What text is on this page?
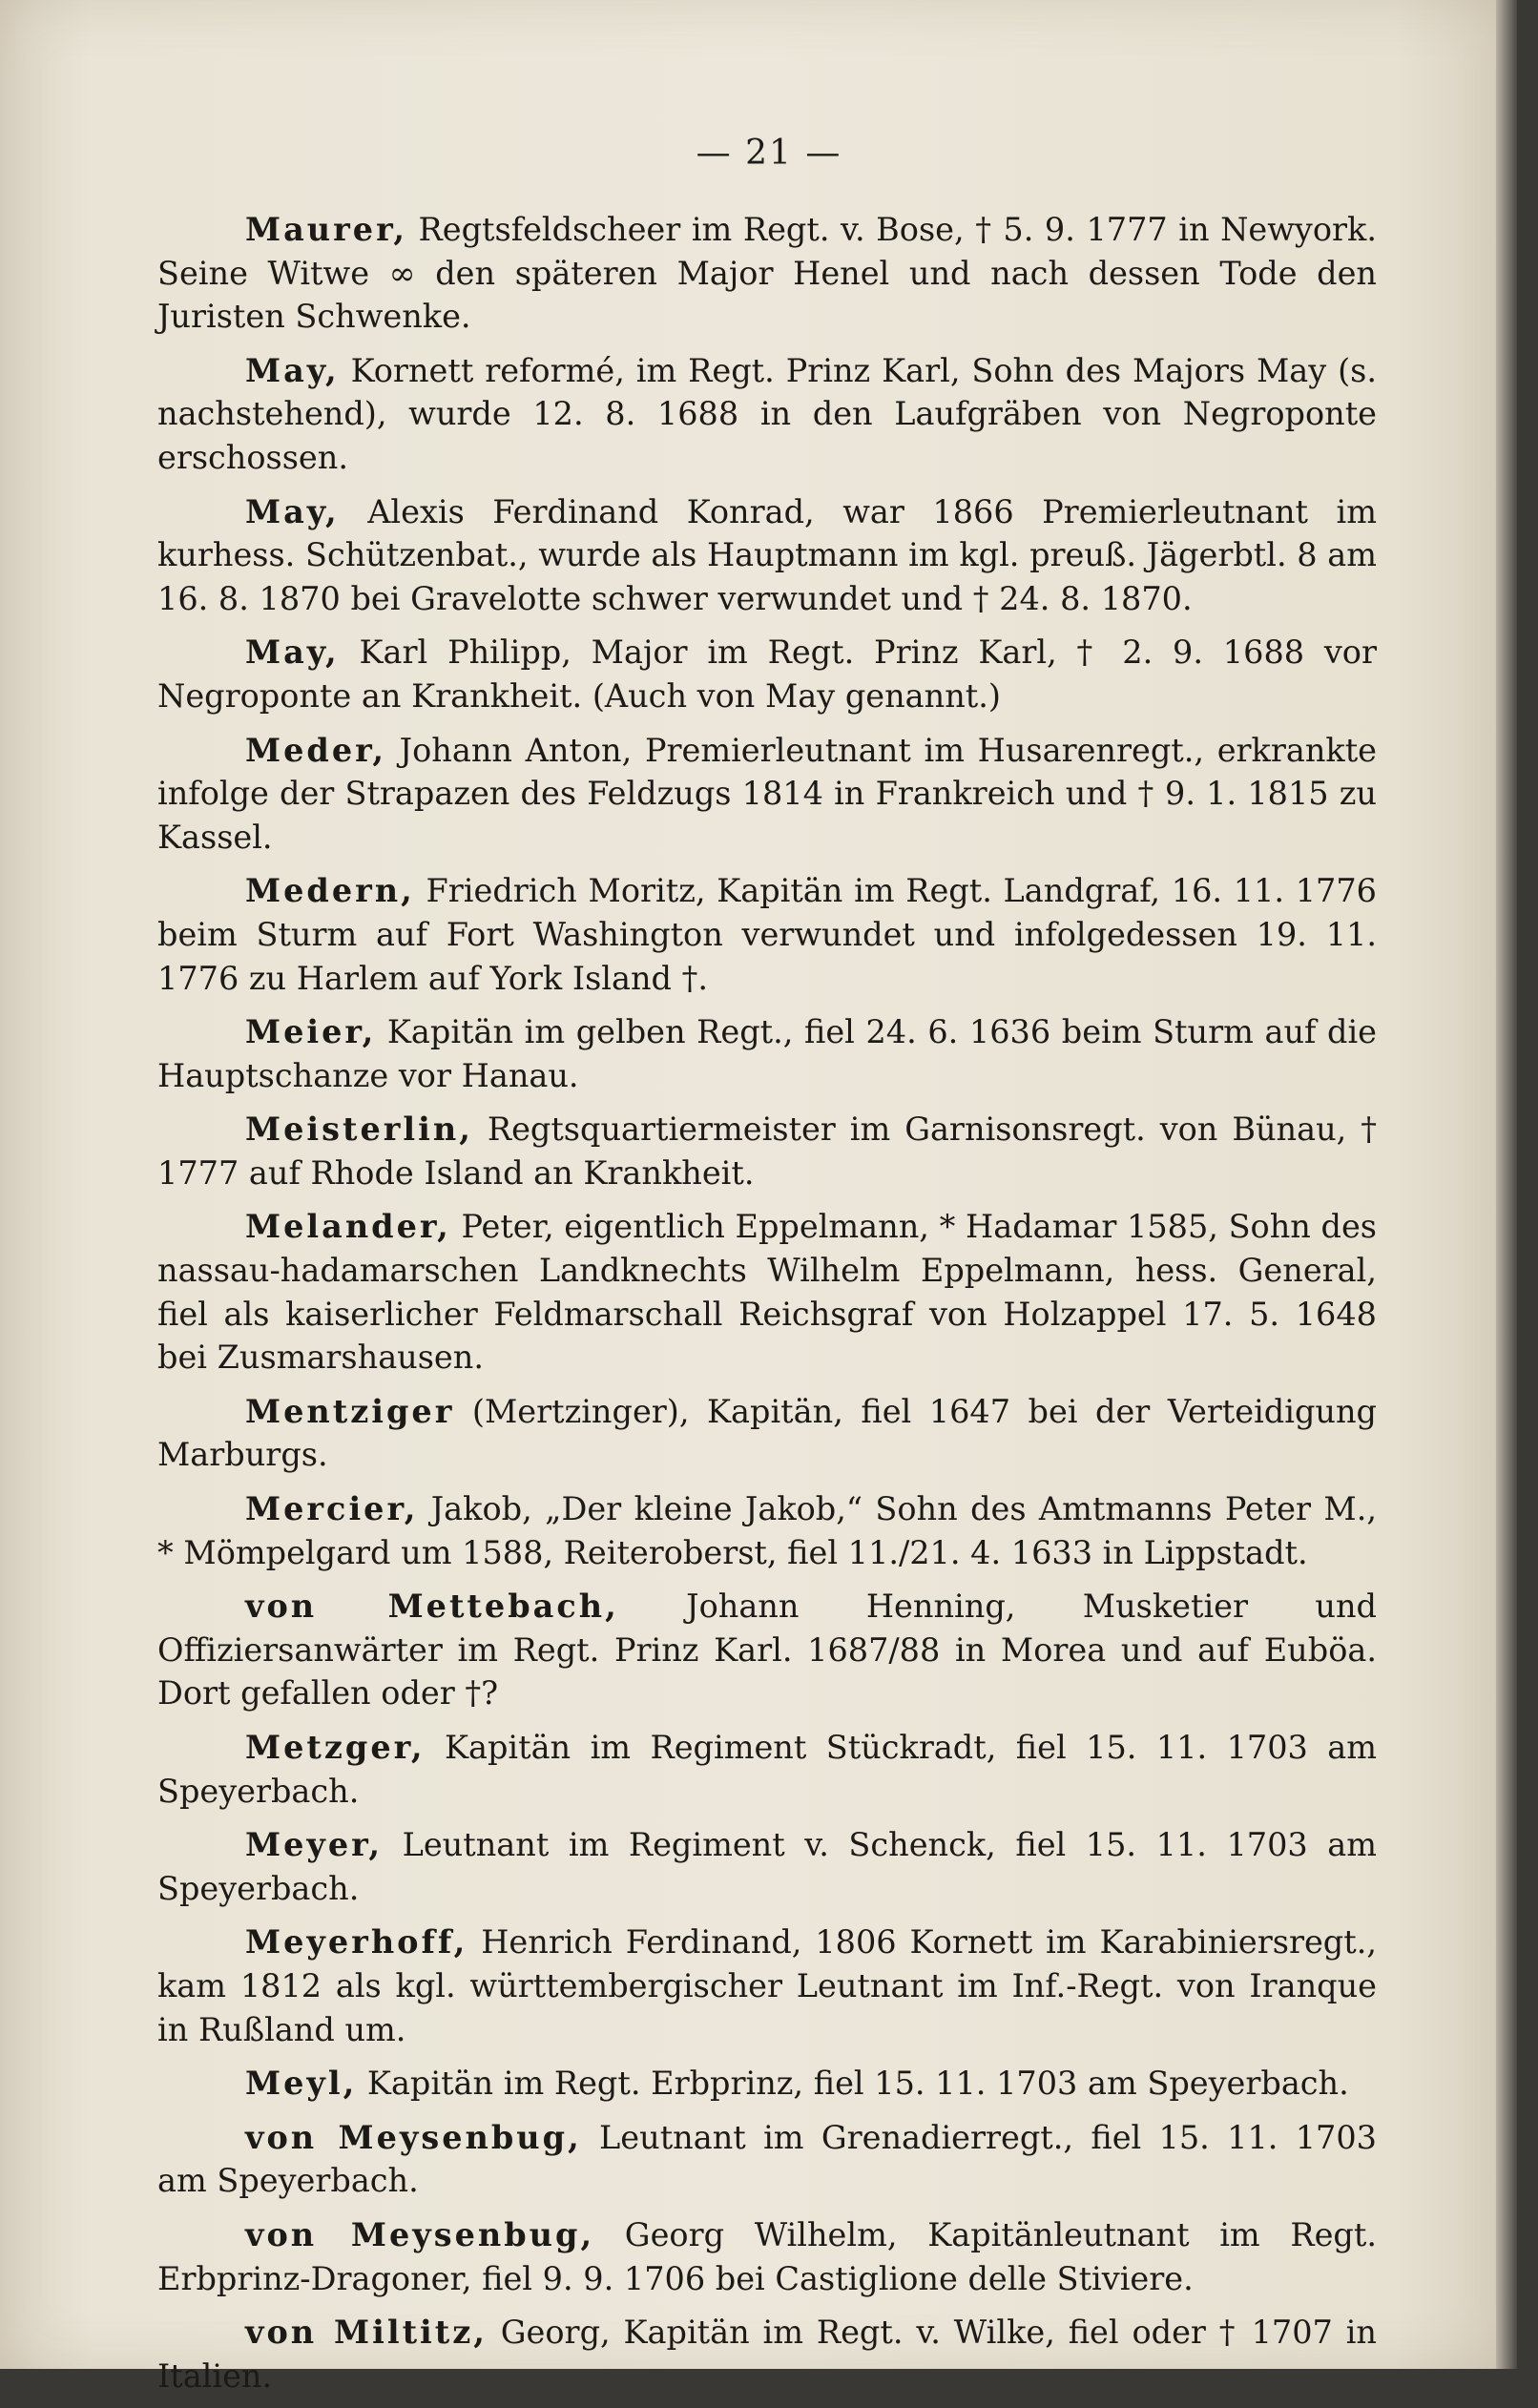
— 21 —

Maurer, Regtsfeldscheer im Regt. v. Bose, † 5. 9. 1777 in Newyork. Seine Witwe ∞ den späteren Major Henel und nach dessen Tode den Juristen Schwenke.

May, Kornett reformé, im Regt. Prinz Karl, Sohn des Majors May (s. nachstehend), wurde 12. 8. 1688 in den Laufgräben von Negroponte erschossen.

May, Alexis Ferdinand Konrad, war 1866 Premierleutnant im kurhess. Schützenbat., wurde als Hauptmann im kgl. preuß. Jägerbtl. 8 am 16. 8. 1870 bei Gravelotte schwer verwundet und † 24. 8. 1870.

May, Karl Philipp, Major im Regt. Prinz Karl, † 2. 9. 1688 vor Negroponte an Krankheit. (Auch von May genannt.)

Meder, Johann Anton, Premierleutnant im Husarenregt., erkrankte infolge der Strapazen des Feldzugs 1814 in Frankreich und † 9. 1. 1815 zu Kassel.

Medern, Friedrich Moritz, Kapitän im Regt. Landgraf, 16. 11. 1776 beim Sturm auf Fort Washington verwundet und infolgedessen 19. 11. 1776 zu Harlem auf York Island †.

Meier, Kapitän im gelben Regt., fiel 24. 6. 1636 beim Sturm auf die Hauptschanze vor Hanau.

Meisterlin, Regtsquartiermeister im Garnisonsregt. von Bünau, † 1777 auf Rhode Island an Krankheit.

Melander, Peter, eigentlich Eppelmann, * Hadamar 1585, Sohn des nassau-hadamarschen Landknechts Wilhelm Eppelmann, hess. General, fiel als kaiserlicher Feldmarschall Reichsgraf von Holzappel 17. 5. 1648 bei Zusmarshausen.

Mentziger (Mertzinger), Kapitän, fiel 1647 bei der Verteidigung Marburgs.

Mercier, Jakob, „Der kleine Jakob,“ Sohn des Amtmanns Peter M., * Mömpelgard um 1588, Reiteroberst, fiel 11./21. 4. 1633 in Lippstadt.

von Mettebach, Johann Henning, Musketier und Offiziersanwärter im Regt. Prinz Karl. 1687/88 in Morea und auf Euböa. Dort gefallen oder †?

Metzger, Kapitän im Regiment Stückradt, fiel 15. 11. 1703 am Speyerbach.

Meyer, Leutnant im Regiment v. Schenck, fiel 15. 11. 1703 am Speyerbach.

Meyerhoff, Henrich Ferdinand, 1806 Kornett im Karabiniersregt., kam 1812 als kgl. württembergischer Leutnant im Inf.-Regt. von Iranque in Rußland um.

Meyl, Kapitän im Regt. Erbprinz, fiel 15. 11. 1703 am Speyerbach.

von Meysenbug, Leutnant im Grenadierregt., fiel 15. 11. 1703 am Speyerbach.

von Meysenbug, Georg Wilhelm, Kapitänleutnant im Regt. Erbprinz-Dragoner, fiel 9. 9. 1706 bei Castiglione delle Stiviere.

von Miltitz, Georg, Kapitän im Regt. v. Wilke, fiel oder † 1707 in Italien.
